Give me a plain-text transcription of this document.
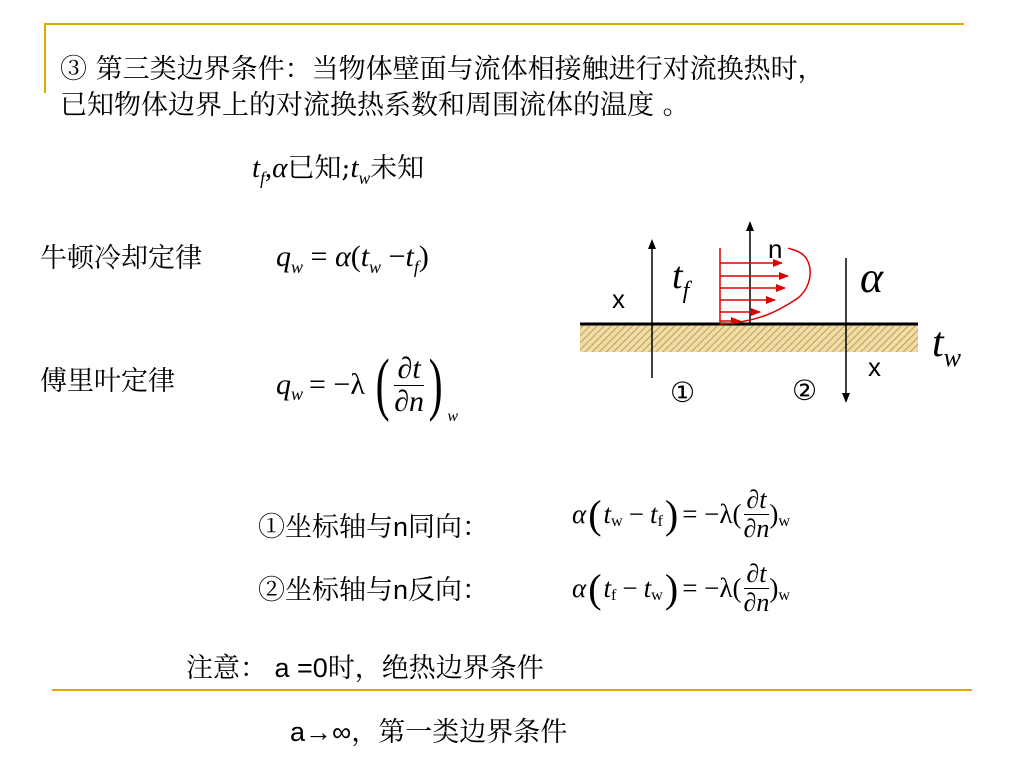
③ 第三类边界条件：当物体壁面与流体相接触进行对流换热时，
已知物体边界上的对流换热系数和周围流体的温度 。
$t_f,\alpha$已知$;t_w$未知
牛顿冷却定律 $q_w = \alpha(t_w -t_f)$
傅里叶定律	$q_w = -\lambda$ ( $\frac{\partial t}{\partial n}$ ) $_w$
n
x
x
$t_f$	α
$t_w$
①	②
①坐标轴与n同向：	α ( $t_w - t_f$ ) = $-\lambda( \frac{\partial t}{\partial n} )_w$
②坐标轴与n反向：	α ( $t_f - t_w$ ) = $-\lambda( \frac{\partial t}{\partial n} )_w$
注意： a =0时，绝热边界条件
a→∞，第一类边界条件
